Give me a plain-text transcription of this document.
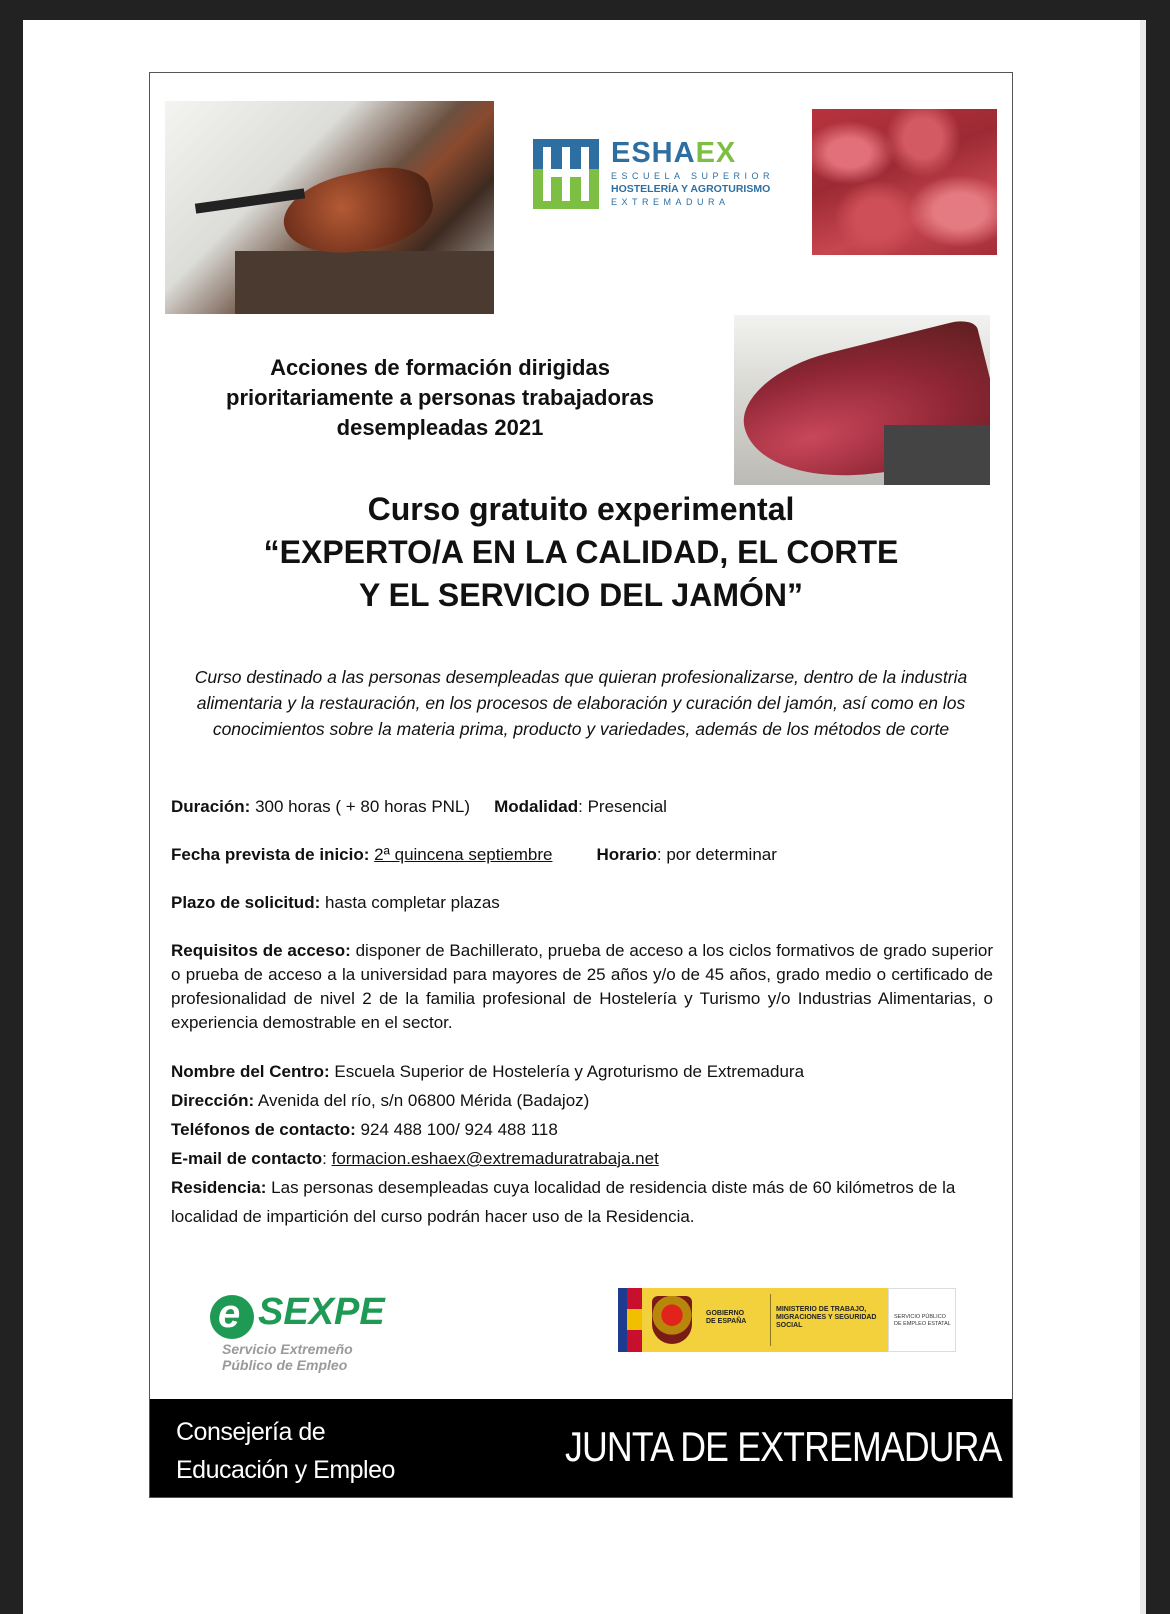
ESHAEX
ESCUELA SUPERIOR
HOSTELERÍA Y AGROTURISMO
EXTREMADURA
Acciones de formación dirigidas
prioritariamente a personas trabajadoras
desempleadas 2021
Curso gratuito experimental
“EXPERTO/A EN LA CALIDAD, EL CORTE
Y EL SERVICIO DEL JAMÓN”
Curso destinado a las personas desempleadas que quieran profesionalizarse, dentro de la industria alimentaria y la restauración, en los procesos de elaboración y curación del jamón, así como en los conocimientos sobre la materia prima, producto y variedades, además de los métodos de corte
Duración: 300 horas ( + 80 horas PNL) Modalidad: Presencial
Fecha prevista de inicio: 2ª quincena septiembre	Horario: por determinar
Plazo de solicitud: hasta completar plazas
Requisitos de acceso: disponer de Bachillerato, prueba de acceso a los ciclos formativos de grado superior o prueba de acceso a la universidad para mayores de 25 años y/o de 45 años, grado medio o certificado de profesionalidad de nivel 2 de la familia profesional de Hostelería y Turismo y/o Industrias Alimentarias, o experiencia demostrable en el sector.
Nombre del Centro: Escuela Superior de Hostelería y Agroturismo de Extremadura
Dirección: Avenida del río, s/n 06800 Mérida (Badajoz)
Teléfonos de contacto: 924 488 100/ 924 488 118
E-mail de contacto: formacion.eshaex@extremaduratrabaja.net
Residencia: Las personas desempleadas cuya localidad de residencia diste más de 60 kilómetros de la localidad de impartición del curso podrán hacer uso de la Residencia.
e SEXPE
Servicio Extremeño
Público de Empleo
GOBIERNO
DE ESPAÑA
MINISTERIO DE TRABAJO, MIGRACIONES Y SEGURIDAD SOCIAL
SERVICIO PÚBLICO DE EMPLEO ESTATAL
Consejería de
Educación y Empleo	JUNTA DE EXTREMADURA
